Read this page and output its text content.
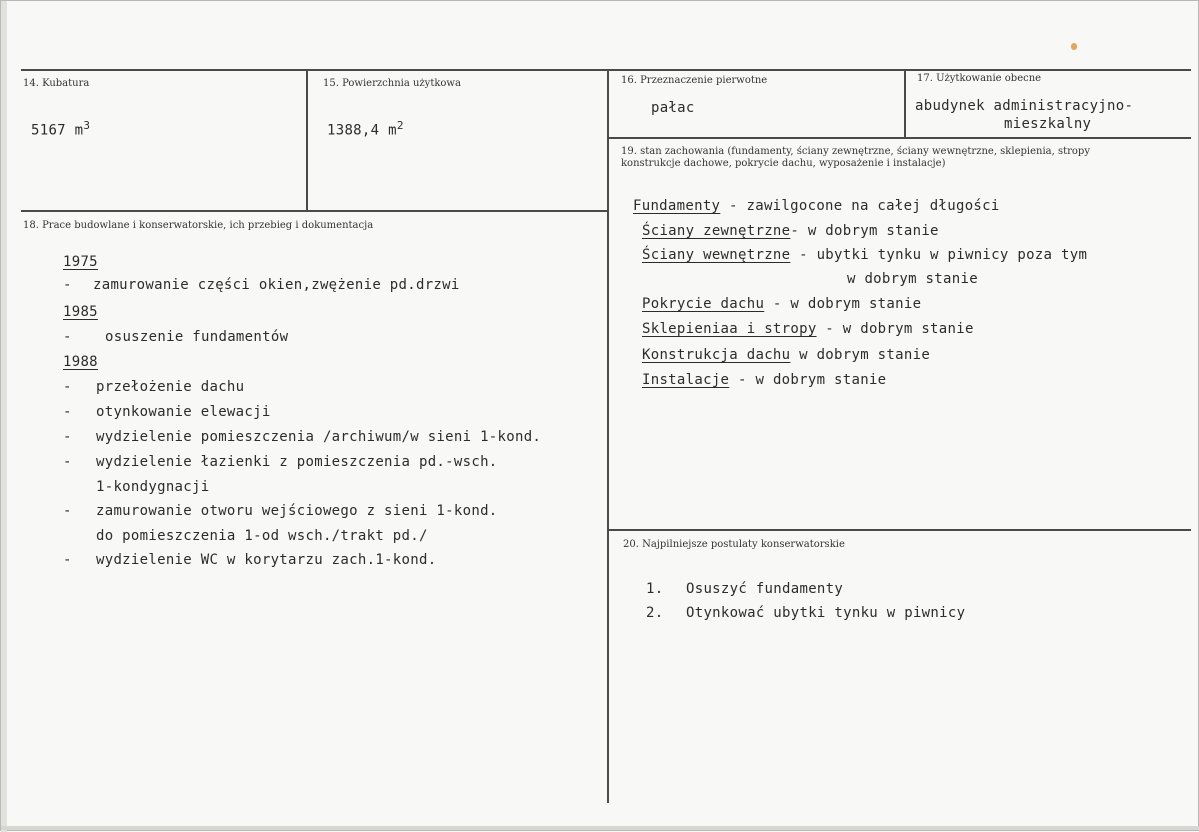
14. Kubatura
5167 $m^3$
15. Powierzchnia użytkowa
1388,4 $m^2$
16. Przeznaczenie pierwotne
pałac
17. Użytkowanie obecne
abudynek administracyjno-
mieszkalny
19. stan zachowania (fundamenty, ściany zewnętrzne, ściany wewnętrzne, sklepienia, stropy
konstrukcje dachowe, pokrycie dachu, wyposażenie i instalacje)
Fundamenty - zawilgocone na całej długości
Ściany zewnętrzne- w dobrym stanie
Ściany wewnętrzne - ubytki tynku w piwnicy poza tym
w dobrym stanie
Pokrycie dachu - w dobrym stanie
Sklepieniaa i stropy - w dobrym stanie
Konstrukcja dachu w dobrym stanie
Instalacje - w dobrym stanie
18. Prace budowlane i konserwatorskie, ich przebieg i dokumentacja
1975
- zamurowanie części okien,zwężenie pd.drzwi
1985
- osuszenie fundamentów
1988
- przełożenie dachu
- otynkowanie elewacji
- wydzielenie pomieszczenia /archiwum/w sieni 1-kond.
- wydzielenie łazienki z pomieszczenia pd.-wsch.
1-kondygnacji
- zamurowanie otworu wejściowego z sieni 1-kond.
do pomieszczenia 1-od wsch./trakt pd./
- wydzielenie WC w korytarzu zach.1-kond.
20. Najpilniejsze postulaty konserwatorskie
1. Osuszyć fundamenty
2. Otynkować ubytki tynku w piwnicy
